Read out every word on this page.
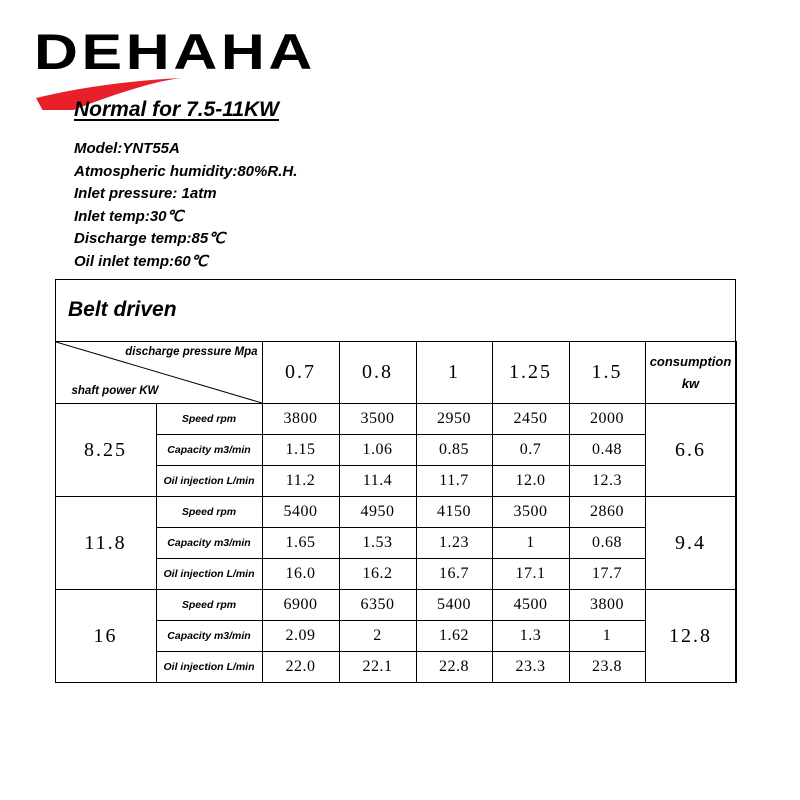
DEHAHA
Normal for 7.5-11KW
Model:YNT55A
Atmospheric humidity:80%R.H.
Inlet pressure: 1atm
Inlet temp:30℃
Discharge temp:85℃
Oil inlet temp:60℃
Belt driven
discharge pressure Mpa
shaft power KW		0.7	0.8	1	1.25	1.5	consumption kw
8.25	Speed rpm	3800	3500	2950	2450	2000	6.6
	Capacity m3/min	1.15	1.06	0.85	0.7	0.48	
	Oil injection L/min	11.2	11.4	11.7	12.0	12.3	
11.8	Speed rpm	5400	4950	4150	3500	2860	9.4
	Capacity m3/min	1.65	1.53	1.23	1	0.68	
	Oil injection L/min	16.0	16.2	16.7	17.1	17.7	
16	Speed rpm	6900	6350	5400	4500	3800	12.8
	Capacity m3/min	2.09	2	1.62	1.3	1	
	Oil injection L/min	22.0	22.1	22.8	23.3	23.8	
